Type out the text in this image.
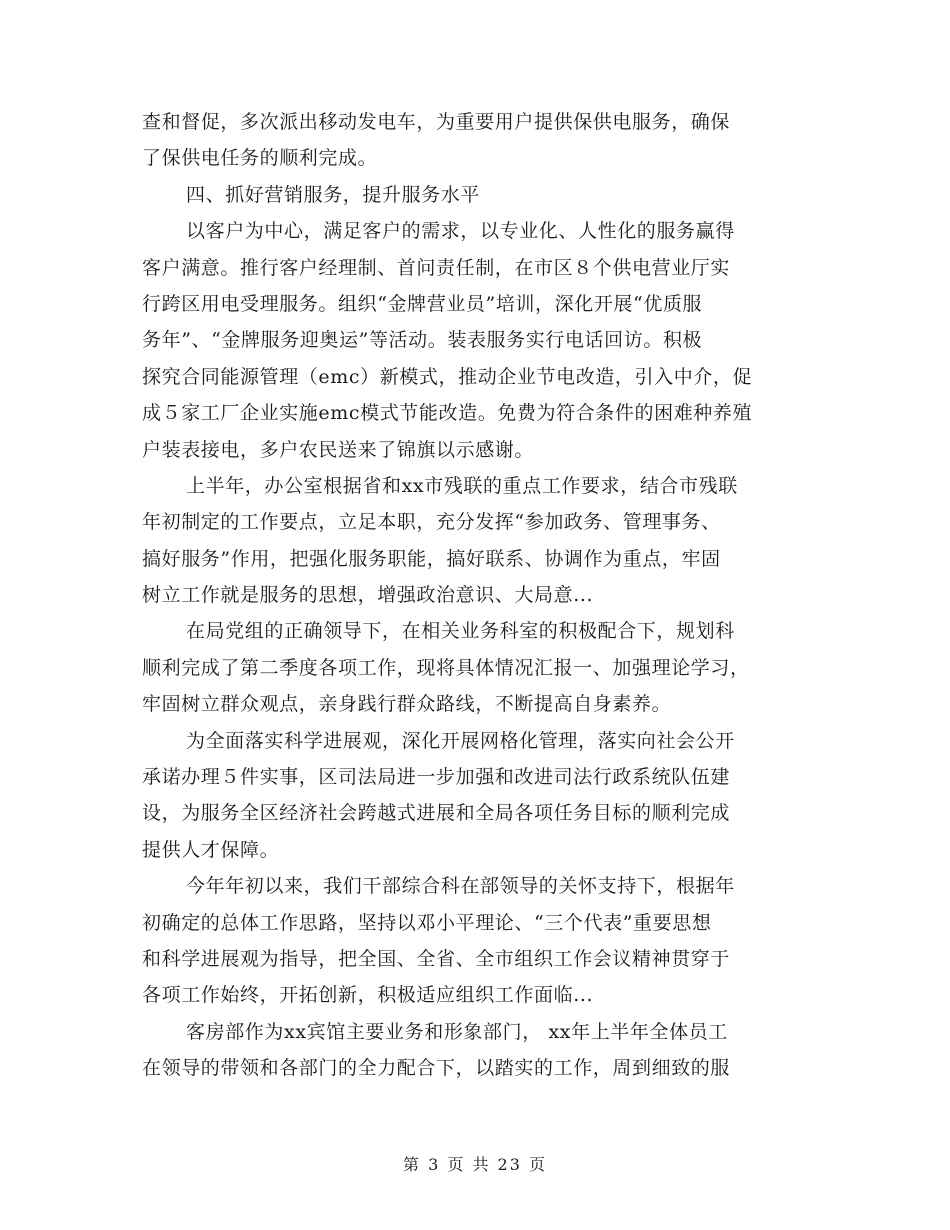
查和督促，多次派出移动发电车，为重要用户提供保供电服务，确保
了保供电任务的顺利完成。
四、抓好营销服务，提升服务水平
以客户为中心，满足客户的需求，以专业化、人性化的服务赢得
客户满意。推行客户经理制、首问责任制，在市区８个供电营业厅实
行跨区用电受理服务。组织“金牌营业员”培训，深化开展“优质服
务年”、“金牌服务迎奥运”等活动。装表服务实行电话回访。积极
探究合同能源管理（emc）新模式，推动企业节电改造，引入中介，促
成５家工厂企业实施emc模式节能改造。免费为符合条件的困难种养殖
户装表接电，多户农民送来了锦旗以示感谢。
上半年，办公室根据省和xx市残联的重点工作要求，结合市残联
年初制定的工作要点，立足本职，充分发挥“参加政务、管理事务、
搞好服务”作用，把强化服务职能，搞好联系、协调作为重点，牢固
树立工作就是服务的思想，增强政治意识、大局意...
在局党组的正确领导下，在相关业务科室的积极配合下，规划科
顺利完成了第二季度各项工作，现将具体情况汇报一、加强理论学习，
牢固树立群众观点，亲身践行群众路线，不断提高自身素养。
为全面落实科学进展观，深化开展网格化管理，落实向社会公开
承诺办理５件实事，区司法局进一步加强和改进司法行政系统队伍建
设，为服务全区经济社会跨越式进展和全局各项任务目标的顺利完成
提供人才保障。
今年年初以来，我们干部综合科在部领导的关怀支持下，根据年
初确定的总体工作思路，坚持以邓小平理论、“三个代表”重要思想
和科学进展观为指导，把全国、全省、全市组织工作会议精神贯穿于
各项工作始终，开拓创新，积极适应组织工作面临...
客房部作为xx宾馆主要业务和形象部门， xx年上半年全体员工
在领导的带领和各部门的全力配合下，以踏实的工作，周到细致的服
第 3 页 共 23 页
